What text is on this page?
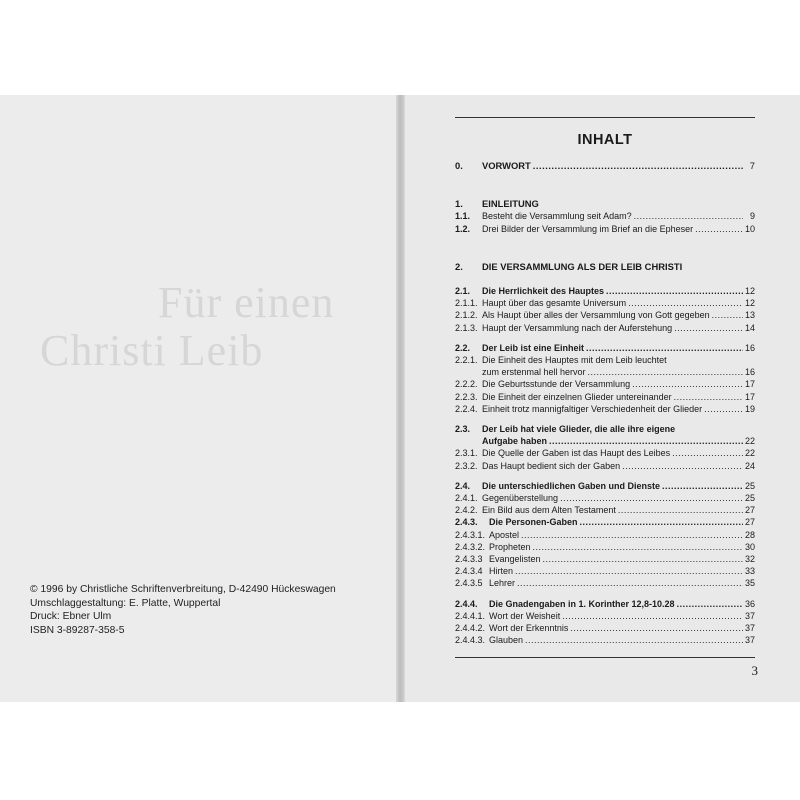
Für einen
Christi Leib
© 1996 by Christliche Schriftenverbreitung, D-42490 Hückeswagen
Umschlaggestaltung: E. Platte, Wuppertal
Druck: Ebner Ulm
ISBN 3-89287-358-5
INHALT
0.	VORWORT .....	7
1.	EINLEITUNG
1.1.	Besteht die Versammlung seit Adam? .....	9
1.2.	Drei Bilder der Versammlung im Brief an die Epheser .....	10
2.	DIE VERSAMMLUNG ALS DER LEIB CHRISTI
2.1.	Die Herrlichkeit des Hauptes .....	12
2.1.1. Haupt über das gesamte Universum .....	12
2.1.2. Als Haupt über alles der Versammlung von Gott gegeben .....	13
2.1.3. Haupt der Versammlung nach der Auferstehung .....	14
2.2.	Der Leib ist eine Einheit .....	16
2.2.1. Die Einheit des Hauptes mit dem Leib leuchtet
zum erstenmal hell hervor .....	16
2.2.2. Die Geburtsstunde der Versammlung .....	17
2.2.3. Die Einheit der einzelnen Glieder untereinander .....	17
2.2.4. Einheit trotz mannigfaltiger Verschiedenheit der Glieder .....	19
2.3.	Der Leib hat viele Glieder, die alle ihre eigene
Aufgabe haben .....	22
2.3.1. Die Quelle der Gaben ist das Haupt des Leibes .....	22
2.3.2. Das Haupt bedient sich der Gaben .....	24
2.4.	Die unterschiedlichen Gaben und Dienste .....	25
2.4.1. Gegenüberstellung .....	25
2.4.2. Ein Bild aus dem Alten Testament .....	27
2.4.3.	Die Personen-Gaben .....	27
2.4.3.1. Apostel .....	28
2.4.3.2. Propheten .....	30
2.4.3.3 Evangelisten .....	32
2.4.3.4 Hirten .....	33
2.4.3.5 Lehrer .....	35
2.4.4.	Die Gnadengaben in 1. Korinther 12,8-10.28 .....	36
2.4.4.1. Wort der Weisheit .....	37
2.4.4.2. Wort der Erkenntnis .....	37
2.4.4.3. Glauben .....	37
3
